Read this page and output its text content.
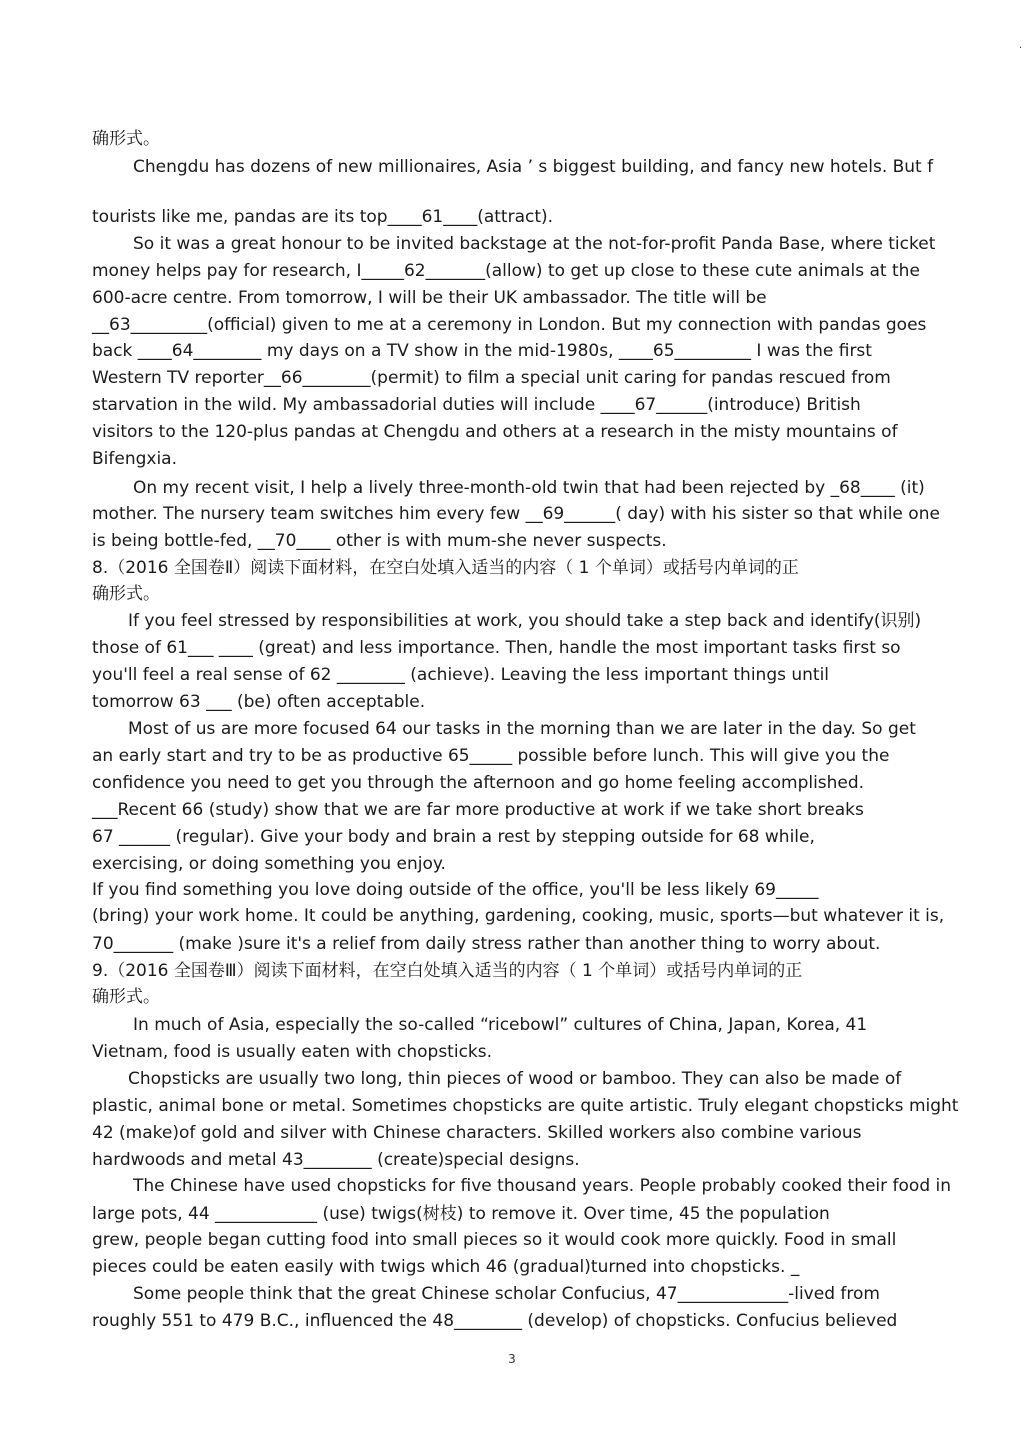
.
确形式。
Chengdu has dozens of new millionaires, Asia ’ s biggest building, and fancy new hotels. But f
tourists like me, pandas are its top____61____(attract).
So it was a great honour to be invited backstage at the not-for-profit Panda Base, where ticket
money helps pay for research, I_____62_______(allow) to get up close to these cute animals at the
600-acre centre. From tomorrow, I will be their UK ambassador. The title will be
__63_________(official) given to me at a ceremony in London. But my connection with pandas goes
back ____64________ my days on a TV show in the mid-1980s, ____65_________ I was the first
Western TV reporter__66________(permit) to film a special unit caring for pandas rescued from
starvation in the wild. My ambassadorial duties will include ____67______(introduce) British
visitors to the 120-plus pandas at Chengdu and others at a research in the misty mountains of
Bifengxia.
On my recent visit, I help a lively three-month-old twin that had been rejected by _68____ (it)
mother. The nursery team switches him every few __69______( day) with his sister so that while one
is being bottle-fed, __70____ other is with mum-she never suspects.
8.（2016 全国卷Ⅱ）阅读下面材料，在空白处填入适当的内容（ 1 个单词）或括号内单词的正
确形式。
If you feel stressed by responsibilities at work, you should take a step back and identify(识别)
those of 61___ ____ (great) and less importance. Then, handle the most important tasks first so
you'll feel a real sense of 62 ________ (achieve). Leaving the less important things until
tomorrow 63 ___ (be) often acceptable.
Most of us are more focused 64 our tasks in the morning than we are later in the day. So get
an early start and try to be as productive 65_____ possible before lunch. This will give you the
confidence you need to get you through the afternoon and go home feeling accomplished.
___Recent 66 (study) show that we are far more productive at work if we take short breaks
67 ______ (regular). Give your body and brain a rest by stepping outside for 68 while,
exercising, or doing something you enjoy.
If you find something you love doing outside of the office, you'll be less likely 69_____
(bring) your work home. It could be anything, gardening, cooking, music, sports—but whatever it is,
70_______ (make )sure it's a relief from daily stress rather than another thing to worry about.
9.（2016 全国卷Ⅲ）阅读下面材料，在空白处填入适当的内容（ 1 个单词）或括号内单词的正
确形式。
In much of Asia, especially the so-called “ricebowl” cultures of China, Japan, Korea, 41
Vietnam, food is usually eaten with chopsticks.
Chopsticks are usually two long, thin pieces of wood or bamboo. They can also be made of
plastic, animal bone or metal. Sometimes chopsticks are quite artistic. Truly elegant chopsticks might
42 (make)of gold and silver with Chinese characters. Skilled workers also combine various
hardwoods and metal 43________ (create)special designs.
The Chinese have used chopsticks for five thousand years. People probably cooked their food in
large pots, 44 ____________ (use) twigs(树枝) to remove it. Over time, 45 the population
grew, people began cutting food into small pieces so it would cook more quickly. Food in small
pieces could be eaten easily with twigs which 46 (gradual)turned into chopsticks. _
Some people think that the great Chinese scholar Confucius, 47_____________-lived from
roughly 551 to 479 B.C., influenced the 48________ (develop) of chopsticks. Confucius believed
3
